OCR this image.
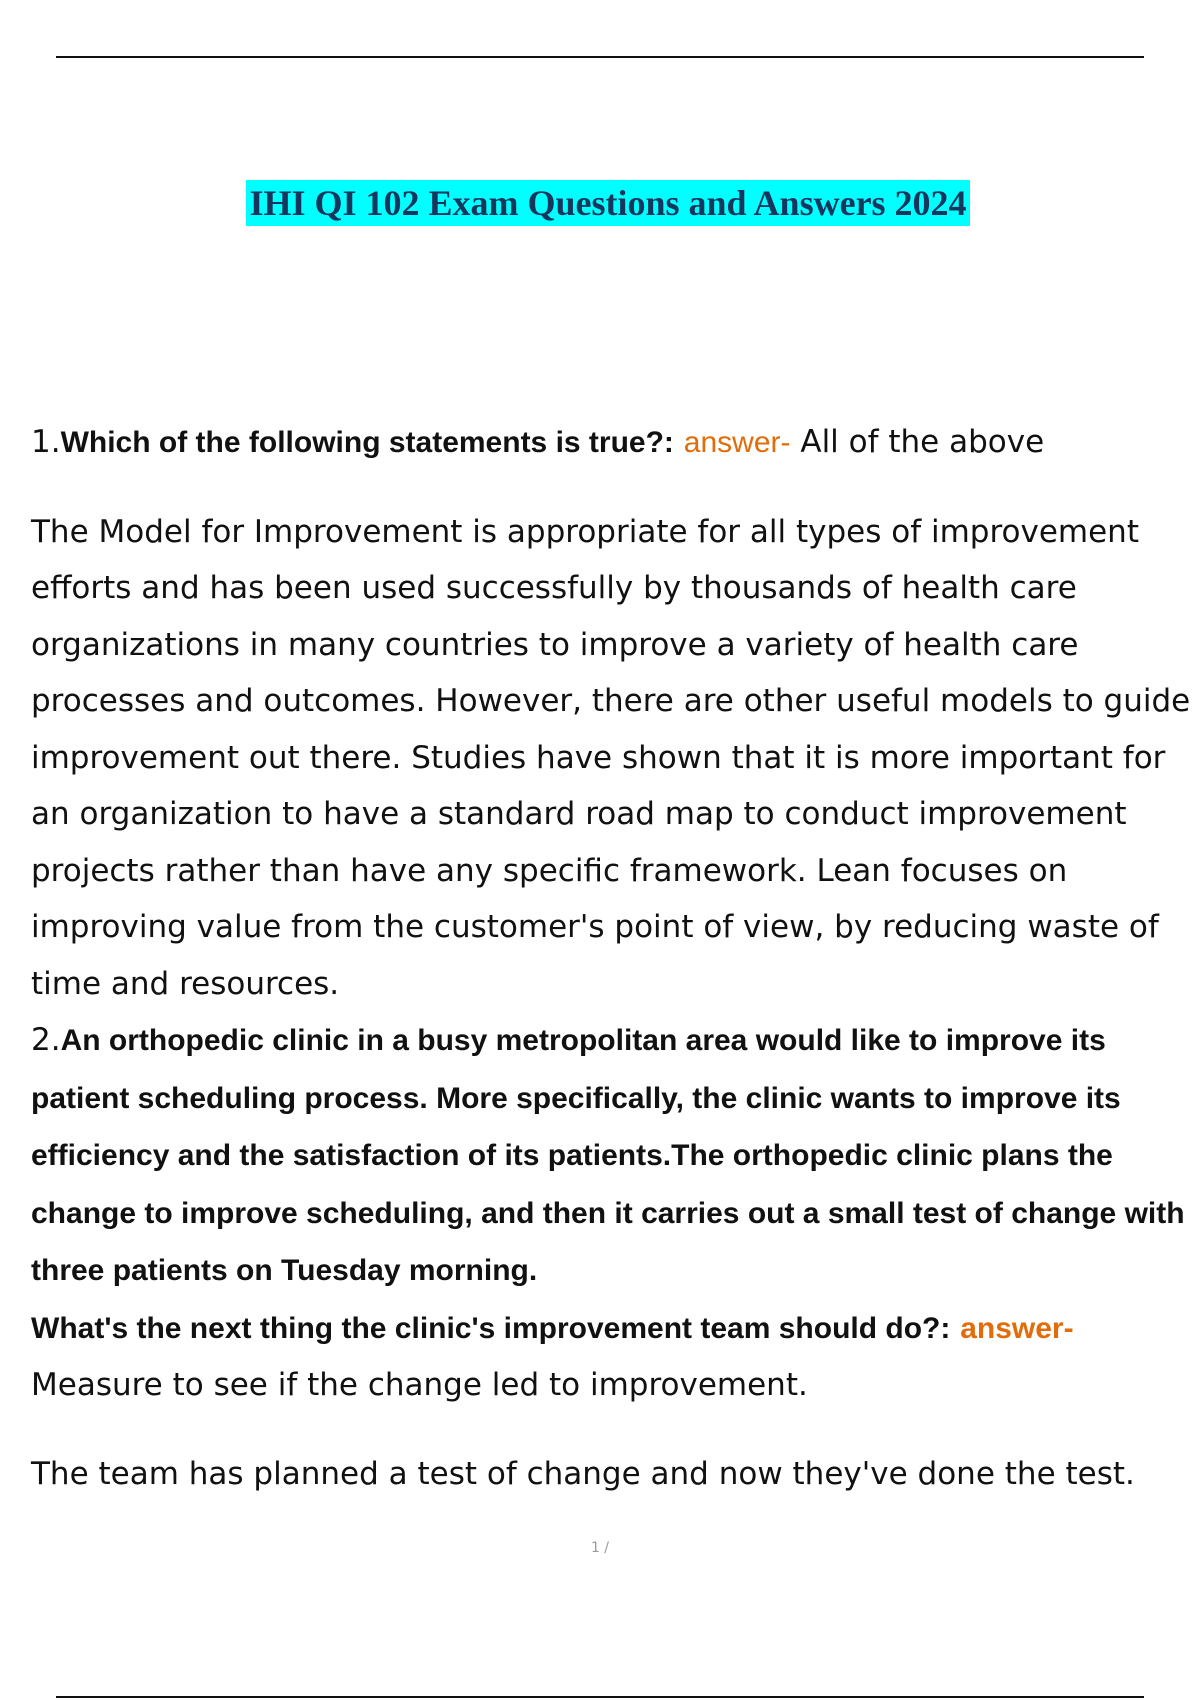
IHI QI 102 Exam Questions and Answers 2024

1.Which of the following statements is true?: answer- All of the above

The Model for Improvement is appropriate for all types of improvement efforts and has been used successfully by thousands of health care organizations in many countries to improve a variety of health care processes and outcomes. However, there are other useful models to guide improvement out there. Studies have shown that it is more important for an organization to have a standard road map to conduct improvement projects rather than have any specific framework. Lean focuses on improving value from the customer's point of view, by reducing waste of time and resources.

2.An orthopedic clinic in a busy metropolitan area would like to improve its patient scheduling process. More specifically, the clinic wants to improve its efficiency and the satisfaction of its patients.The orthopedic clinic plans the change to improve scheduling, and then it carries out a small test of change with three patients on Tuesday morning.

What's the next thing the clinic's improvement team should do?: answer- Measure to see if the change led to improvement.

The team has planned a test of change and now they've done the test.

1 /
